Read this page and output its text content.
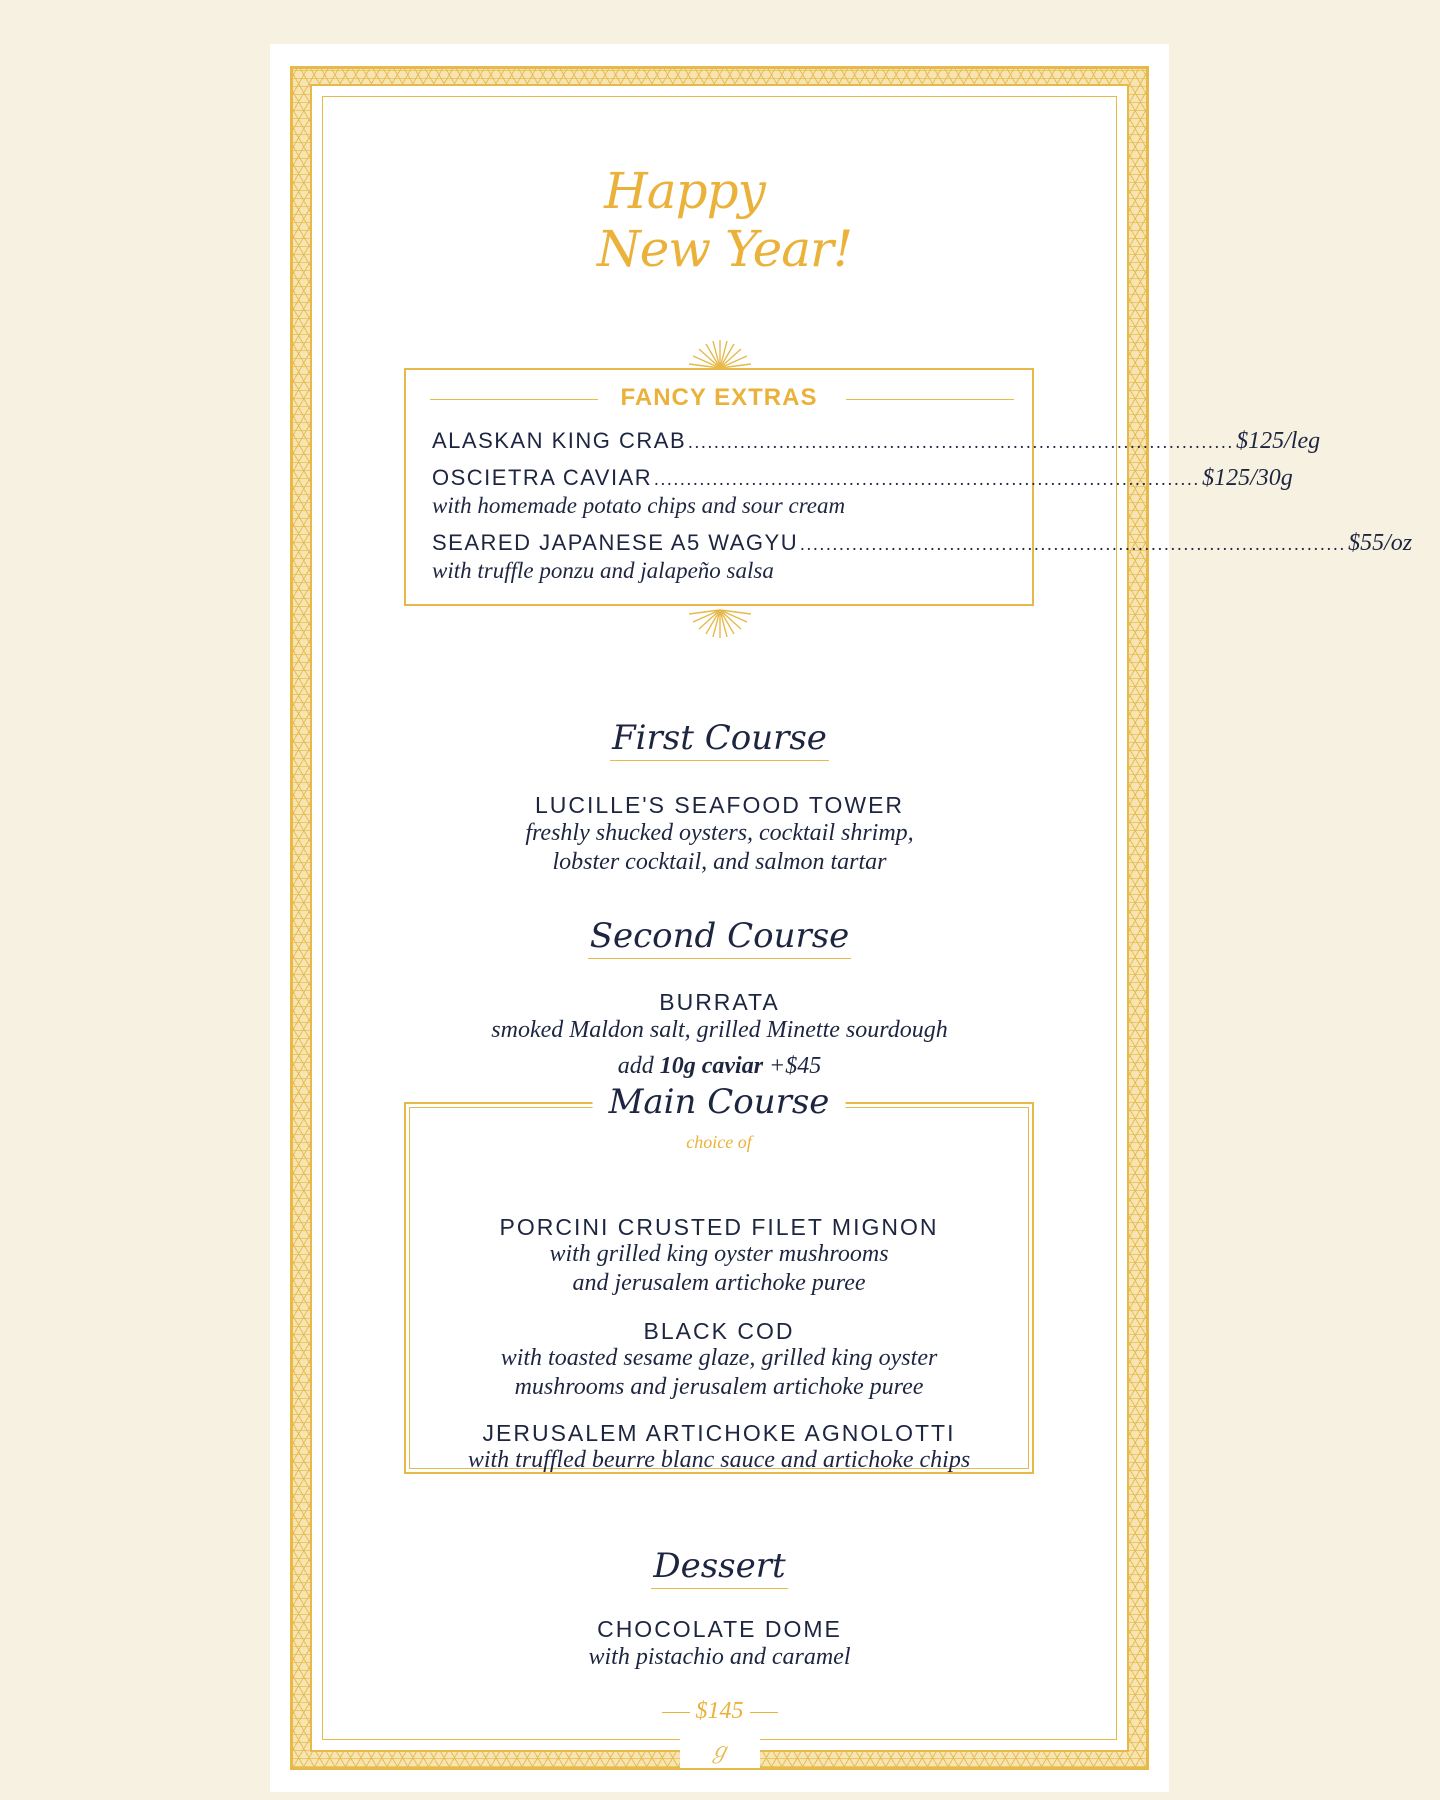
ℊ
Happy
New Year!
FANCY EXTRAS
ALASKAN KING CRAB .................................................................................... $125/leg
OSCIETRA CAVIAR .................................................................................... $125/30g
with homemade potato chips and sour cream
SEARED JAPANESE A5 WAGYU .................................................................................... $55/oz
with truffle ponzu and jalapeño salsa
First Course
LUCILLE'S SEAFOOD TOWER
freshly shucked oysters, cocktail shrimp,
lobster cocktail, and salmon tartar
Second Course
BURRATA
smoked Maldon salt, grilled Minette sourdough
add 10g caviar +$45
Main Course
choice of
PORCINI CRUSTED FILET MIGNON
with grilled king oyster mushrooms
and jerusalem artichoke puree
BLACK COD
with toasted sesame glaze, grilled king oyster
mushrooms and jerusalem artichoke puree
JERUSALEM ARTICHOKE AGNOLOTTI
with truffled beurre blanc sauce and artichoke chips
Dessert
CHOCOLATE DOME
with pistachio and caramel
$145
